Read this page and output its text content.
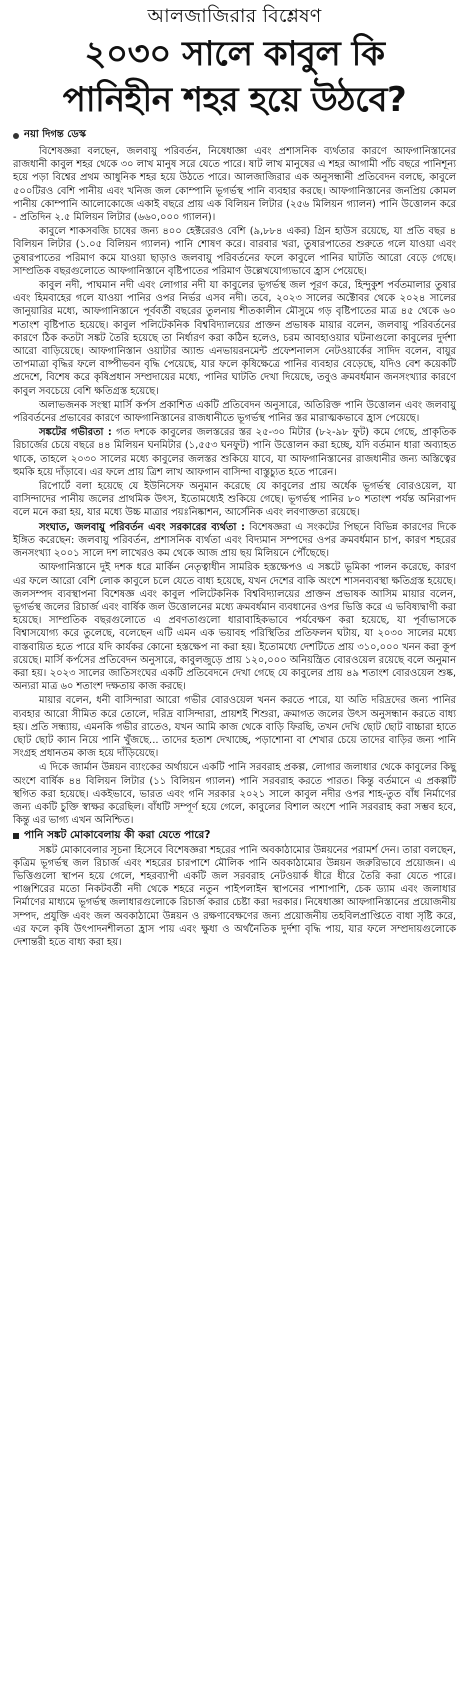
আলজাজিরার বিশ্লেষণ
২০৩০ সালে কাবুল কি
পানিহীন শহর হয়ে উঠবে?
নয়া দিগন্ত ডেস্ক

বিশেষজ্ঞরা বলছেন, জলবায়ু পরিবর্তন, নিষেধাজ্ঞা এবং প্রশাসনিক ব্যর্থতার কারণে আফগানিস্তানের রাজধানী কাবুল শহর থেকে ৩০ লাখ মানুষ সরে যেতে পারে। ষাট লাখ মানুষের এ শহর আগামী পাঁচ বছরে পানিশূন্য হয়ে পড়া বিশ্বের প্রথম আধুনিক শহর হয়ে উঠতে পারে। আলজাজিরার এক অনুসন্ধানী প্রতিবেদন বলছে, কাবুলে ৫০০টিরও বেশি পানীয় এবং খনিজ জল কোম্পানি ভূগর্ভস্থ পানি ব্যবহার করছে। আফগানিস্তানের জনপ্রিয় কোমল পানীয় কোম্পানি আলোকোজে একাই বছরে প্রায় এক বিলিয়ন লিটার (২৫৬ মিলিয়ন গ্যালন) পানি উত্তোলন করে - প্রতিদিন ২.৫ মিলিয়ন লিটার (৬৬০,০০০ গ্যালন)।

কাবুলে শাকসবজি চাষের জন্য ৪০০ হেক্টরেরও বেশি (৯,৮৮৪ একর) গ্রিন হাউস রয়েছে, যা প্রতি বছর ৪ বিলিয়ন লিটার (১.০৫ বিলিয়ন গ্যালন) পানি শোষণ করে। বারবার খরা, তুষারপাতের শুরুতে গলে যাওয়া এবং তুষারপাতের পরিমাণ কমে যাওয়া ছাড়াও জলবায়ু পরিবর্তনের ফলে কাবুলে পানির ঘাটতি আরো বেড়ে গেছে। সাম্প্রতিক বছরগুলোতে আফগানিস্তানে বৃষ্টিপাতের পরিমাণ উল্লেখযোগ্যভাবে হ্রাস পেয়েছে।

কাবুল নদী, পাঘমান নদী এবং লোগার নদী যা কাবুলের ভূগর্ভস্থ জল পূরণ করে, হিন্দুকুশ পর্বতমালার তুষার এবং হিমবাহের গলে যাওয়া পানির ওপর নির্ভর এসব নদী। তবে, ২০২৩ সালের অক্টোবর থেকে ২০২৪ সালের জানুয়ারির মধ্যে, আফগানিস্তানে পূর্ববর্তী বছরের তুলনায় শীতকালীন মৌসুমে গড় বৃষ্টিপাতের মাত্র ৪৫ থেকে ৬০ শতাংশ বৃষ্টিপাত হয়েছে। কাবুল পলিটেকনিক বিশ্ববিদ্যালয়ের প্রাক্তন প্রভাষক মায়ার বলেন, জলবায়ু পরিবর্তনের কারণে ঠিক কতটা সঙ্কট তৈরি হয়েছে তা নির্ধারণ করা কঠিন হলেও, চরম আবহাওয়ার ঘটনাগুলো কাবুলের দুর্দশা আরো বাড়িয়েছে। আফগানিস্তান ওয়াটার অ্যান্ড এনভায়রনমেন্ট প্রফেশনালস নেটওয়ার্কের সাদিদ বলেন, বায়ুর তাপমাত্রা বৃদ্ধির ফলে বাষ্পীভবন বৃদ্ধি পেয়েছে, যার ফলে কৃষিক্ষেত্রে পানির ব্যবহার বেড়েছে, যদিও বেশ কয়েকটি প্রদেশে, বিশেষ করে কৃষিপ্রধান সম্প্রদায়ের মধ্যে, পানির ঘাটতি দেখা দিয়েছে, তবুও ক্রমবর্ধমান জনসংখ্যার কারণে কাবুল সবচেয়ে বেশি ক্ষতিগ্রস্ত হয়েছে।

অলাভজনক সংস্থা মার্সি কর্পস প্রকাশিত একটি প্রতিবেদন অনুসারে, অতিরিক্ত পানি উত্তোলন এবং জলবায়ু পরিবর্তনের প্রভাবের কারণে আফগানিস্তানের রাজধানীতে ভূগর্ভস্থ পানির স্তর মারাত্মকভাবে হ্রাস পেয়েছে।

সঙ্কটের গভীরতা : গত দশকে কাবুলের জলস্তরের স্তর ২৫-৩০ মিটার (৮২-৯৮ ফুট) কমে গেছে, প্রাকৃতিক রিচার্জের চেয়ে বছরে ৪৪ মিলিয়ন ঘনমিটার (১,৫৫৩ ঘনফুট) পানি উত্তোলন করা হচ্ছে, যদি বর্তমান ধারা অব্যাহত থাকে, তাহলে ২০৩০ সালের মধ্যে কাবুলের জলস্তর শুকিয়ে যাবে, যা আফগানিস্তানের রাজধানীর জন্য অস্তিত্বের হুমকি হয়ে দাঁড়াবে। এর ফলে প্রায় ত্রিশ লাখ আফগান বাসিন্দা বাস্তুচ্যুত হতে পারেন।

রিপোর্টে বলা হয়েছে যে ইউনিসেফ অনুমান করেছে যে কাবুলের প্রায় অর্ধেক ভূগর্ভস্থ বোরওয়েল, যা বাসিন্দাদের পানীয় জলের প্রাথমিক উৎস, ইতোমধ্যেই শুকিয়ে গেছে। ভূগর্ভস্থ পানির ৮০ শতাংশ পর্যন্ত অনিরাপদ বলে মনে করা হয়, যার মধ্যে উচ্চ মাত্রার পয়ঃনিষ্কাশন, আর্সেনিক এবং লবণাক্ততা রয়েছে।

সংঘাত, জলবায়ু পরিবর্তন এবং সরকারের ব্যর্থতা : বিশেষজ্ঞরা এ সংকটের পিছনে বিভিন্ন কারণের দিকে ইঙ্গিত করেছেন: জলবায়ু পরিবর্তন, প্রশাসনিক ব্যর্থতা এবং বিদ্যমান সম্পদের ওপর ক্রমবর্ধমান চাপ, কারণ শহরের জনসংখ্যা ২০০১ সালে দশ লাখেরও কম থেকে আজ প্রায় ছয় মিলিয়নে পৌঁছেছে।

আফগানিস্তানে দুই দশক ধরে মার্কিন নেতৃত্বাধীন সামরিক হস্তক্ষেপও এ সঙ্কটে ভূমিকা পালন করেছে, কারণ এর ফলে আরো বেশি লোক কাবুলে চলে যেতে বাধ্য হয়েছে, যখন দেশের বাকি অংশে শাসনব্যবস্থা ক্ষতিগ্রস্ত হয়েছে। জলসম্পদ ব্যবস্থাপনা বিশেষজ্ঞ এবং কাবুল পলিটেকনিক বিশ্ববিদ্যালয়ের প্রাক্তন প্রভাষক আসিম মায়ার বলেন, ভূগর্ভস্থ জলের রিচার্জ এবং বার্ষিক জল উত্তোলনের মধ্যে ক্রমবর্ধমান ব্যবধানের ওপর ভিত্তি করে এ ভবিষ্যদ্বাণী করা হয়েছে। সাম্প্রতিক বছরগুলোতে এ প্রবণতাগুলো ধারাবাহিকভাবে পর্যবেক্ষণ করা হয়েছে, যা পূর্বাভাসকে বিশ্বাসযোগ্য করে তুলেছে, বলেছেন এটি এমন এক ভয়াবহ পরিস্থিতির প্রতিফলন ঘটায়, যা ২০৩০ সালের মধ্যে বাস্তবায়িত হতে পারে যদি কার্যকর কোনো হস্তক্ষেপ না করা হয়। ইতোমধ্যে দেশটিতে প্রায় ৩১০,০০০ খনন করা কূপ রয়েছে। মার্সি কর্পসের প্রতিবেদন অনুসারে, কাবুলজুড়ে প্রায় ১২০,০০০ অনিয়ন্ত্রিত বোরওয়েল রয়েছে বলে অনুমান করা হয়। ২০২৩ সালের জাতিসংঘের একটি প্রতিবেদনে দেখা গেছে যে কাবুলের প্রায় ৪৯ শতাংশ বোরওয়েল শুষ্ক, অন্যরা মাত্র ৬০ শতাংশ দক্ষতায় কাজ করছে।

মায়ার বলেন, ধনী বাসিন্দারা আরো গভীর বোরওয়েল খনন করতে পারে, যা অতি দরিদ্রদের জন্য পানির ব্যবহার আরো সীমিত করে তোলে, দরিদ্র বাসিন্দারা, প্রায়শই শিশুরা, ক্রমাগত জলের উৎস অনুসন্ধান করতে বাধ্য হয়। প্রতি সন্ধ্যায়, এমনকি গভীর রাতেও, যখন আমি কাজ থেকে বাড়ি ফিরছি, তখন দেখি ছোট ছোট বাচ্চারা হাতে ছোট ছোট ক্যান নিয়ে পানি খুঁজছে... তাদের হতাশ দেখাচ্ছে, পড়াশোনা বা শেখার চেয়ে তাদের বাড়ির জন্য পানি সংগ্রহ প্রধানতম কাজ হয়ে দাঁড়িয়েছে।

এ দিকে জার্মান উন্নয়ন ব্যাংকের অর্থায়নে একটি পানি সরবরাহ প্রকল্প, লোগার জলাধার থেকে কাবুলের কিছু অংশে বার্ষিক ৪৪ বিলিয়ন লিটার (১১ বিলিয়ন গ্যালন) পানি সরবরাহ করতে পারত। কিন্তু বর্তমানে এ প্রকল্পটি স্থগিত করা হয়েছে। একইভাবে, ভারত এবং গনি সরকার ২০২১ সালে কাবুল নদীর ওপর শাহ-তুত বাঁধ নির্মাণের জন্য একটি চুক্তি স্বাক্ষর করেছিল। বাঁধটি সম্পূর্ণ হয়ে গেলে, কাবুলের বিশাল অংশে পানি সরবরাহ করা সম্ভব হবে, কিন্তু এর ভাগ্য এখন অনিশ্চিত।

পানি সঙ্কট মোকাবেলায় কী করা যেতে পারে?

সঙ্কট মোকাবেলার সূচনা হিসেবে বিশেষজ্ঞরা শহরের পানি অবকাঠামোর উন্নয়নের পরামর্শ দেন। তারা বলছেন, কৃত্রিম ভূগর্ভস্থ জল রিচার্জ এবং শহরের চারপাশে মৌলিক পানি অবকাঠামোর উন্নয়ন জরুরিভাবে প্রয়োজন। এ ভিত্তিগুলো স্থাপন হয়ে গেলে, শহরব্যাপী একটি জল সরবরাহ নেটওয়ার্ক ধীরে ধীরে তৈরি করা যেতে পারে। পাঞ্জশিরের মতো নিকটবর্তী নদী থেকে শহরে নতুন পাইপলাইন স্থাপনের পাশাপাশি, চেক ড্যাম এবং জলাধার নির্মাণের মাধ্যমে ভূগর্ভস্থ জলাধারগুলোকে রিচার্জ করার চেষ্টা করা দরকার। নিষেধাজ্ঞা আফগানিস্তানের প্রয়োজনীয় সম্পদ, প্রযুক্তি এবং জল অবকাঠামো উন্নয়ন ও রক্ষণাবেক্ষণের জন্য প্রয়োজনীয় তহবিলপ্রাপ্তিতে বাধা সৃষ্টি করে, এর ফলে কৃষি উৎপাদনশীলতা হ্রাস পায় এবং ক্ষুধা ও অর্থনৈতিক দুর্দশা বৃদ্ধি পায়, যার ফলে সম্প্রদায়গুলোকে দেশান্তরী হতে বাধ্য করা হয়।
